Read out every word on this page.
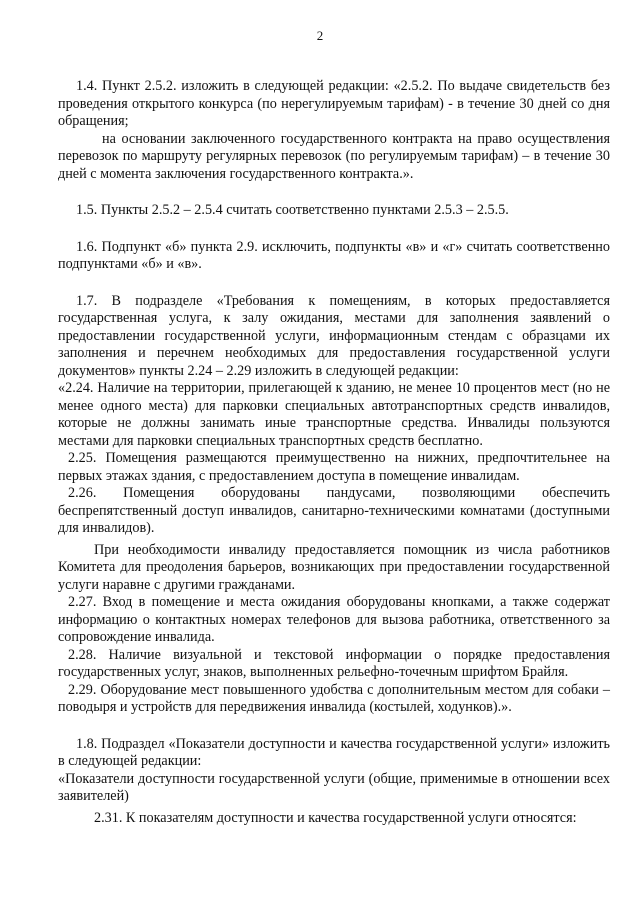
2

1.4. Пункт 2.5.2. изложить в следующей редакции: «2.5.2. По выдаче свидетельств без проведения открытого конкурса (по нерегулируемым тарифам) - в течение 30 дней со дня обращения;

на основании заключенного государственного контракта на право осуществления перевозок по маршруту регулярных перевозок (по регулируемым тарифам) – в течение 30 дней с момента заключения государственного контракта.».

1.5. Пункты 2.5.2 – 2.5.4 считать соответственно пунктами 2.5.3 – 2.5.5.

1.6. Подпункт «б» пункта 2.9. исключить, подпункты «в» и «г» считать соответственно подпунктами «б» и «в».

1.7. В подразделе «Требования к помещениям, в которых предоставляется государственная услуга, к залу ожидания, местами для заполнения заявлений о предоставлении государственной услуги, информационным стендам с образцами их заполнения и перечнем необходимых для предоставления государственной услуги документов» пункты 2.24 – 2.29 изложить в следующей редакции:

«2.24. Наличие на территории, прилегающей к зданию, не менее 10 процентов мест (но не менее одного места) для парковки специальных автотранспортных средств инвалидов, которые не должны занимать иные транспортные средства. Инвалиды пользуются местами для парковки специальных транспортных средств бесплатно.

2.25. Помещения размещаются преимущественно на нижних, предпочтительнее на первых этажах здания, с предоставлением доступа в помещение инвалидам.

2.26. Помещения оборудованы пандусами, позволяющими обеспечить беспрепятственный доступ инвалидов, санитарно-техническими комнатами (доступными для инвалидов).

При необходимости инвалиду предоставляется помощник из числа работников Комитета для преодоления барьеров, возникающих при предоставлении государственной услуги наравне с другими гражданами.

2.27. Вход в помещение и места ожидания оборудованы кнопками, а также содержат информацию о контактных номерах телефонов для вызова работника, ответственного за сопровождение инвалида.

2.28. Наличие визуальной и текстовой информации о порядке предоставления государственных услуг, знаков, выполненных рельефно-точечным шрифтом Брайля.

2.29. Оборудование мест повышенного удобства с дополнительным местом для собаки – поводыря и устройств для передвижения инвалида (костылей, ходунков).».

1.8. Подраздел «Показатели доступности и качества государственной услуги» изложить в следующей редакции:

«Показатели доступности государственной услуги (общие, применимые в отношении всех заявителей)

2.31. К показателям доступности и качества государственной услуги относятся:
